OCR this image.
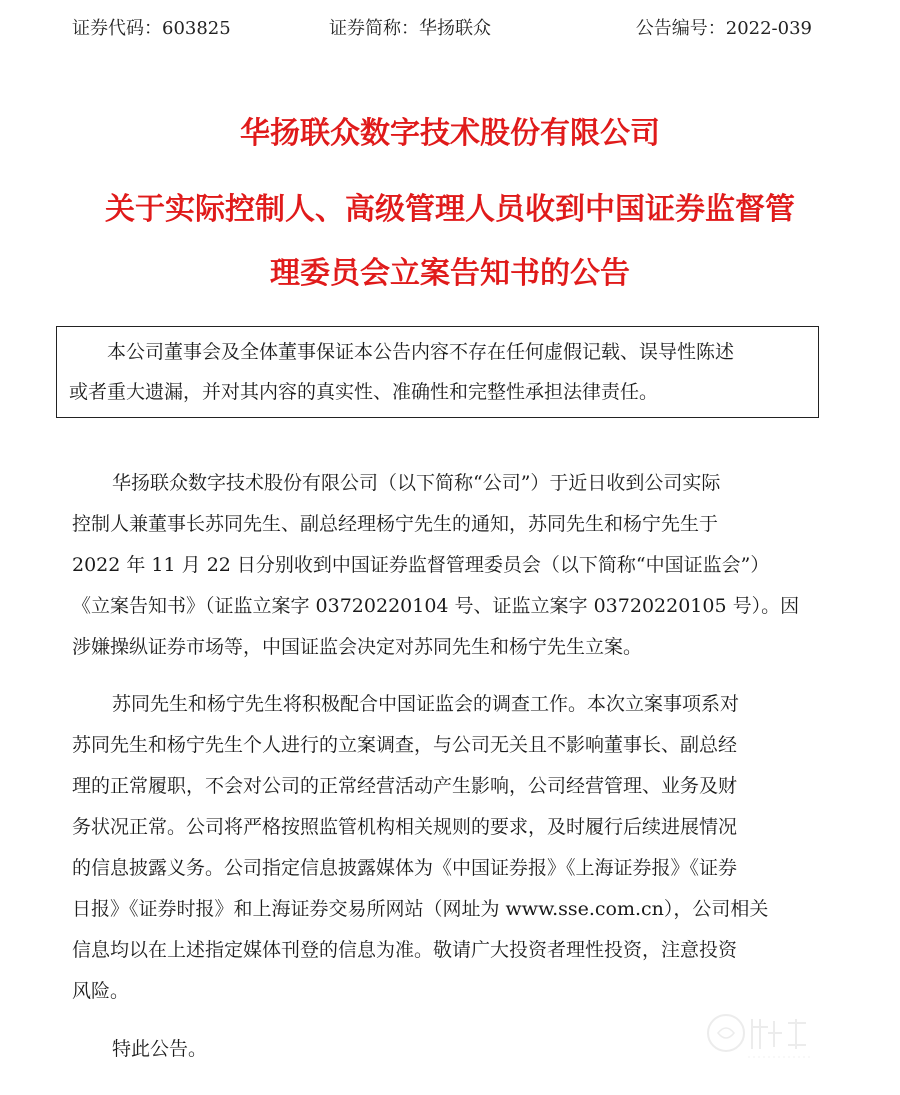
证券代码：603825	证券简称：华扬联众	公告编号：2022-039
华扬联众数字技术股份有限公司
关于实际控制人、高级管理人员收到中国证券监督管
理委员会立案告知书的公告
本公司董事会及全体董事保证本公告内容不存在任何虚假记载、误导性陈述
或者重大遗漏，并对其内容的真实性、准确性和完整性承担法律责任。
华扬联众数字技术股份有限公司（以下简称“公司”）于近日收到公司实际
控制人兼董事长苏同先生、副总经理杨宁先生的通知，苏同先生和杨宁先生于
2022 年 11 月 22 日分别收到中国证券监督管理委员会（以下简称“中国证监会”）
《立案告知书》（证监立案字 03720220104 号、证监立案字 03720220105 号）。因
涉嫌操纵证券市场等，中国证监会决定对苏同先生和杨宁先生立案。
苏同先生和杨宁先生将积极配合中国证监会的调查工作。本次立案事项系对
苏同先生和杨宁先生个人进行的立案调查，与公司无关且不影响董事长、副总经
理的正常履职，不会对公司的正常经营活动产生影响，公司经营管理、业务及财
务状况正常。公司将严格按照监管机构相关规则的要求，及时履行后续进展情况
的信息披露义务。公司指定信息披露媒体为《中国证券报》《上海证券报》《证券
日报》《证券时报》和上海证券交易所网站（网址为 www.sse.com.cn），公司相关
信息均以在上述指定媒体刊登的信息为准。敬请广大投资者理性投资，注意投资
风险。
特此公告。
